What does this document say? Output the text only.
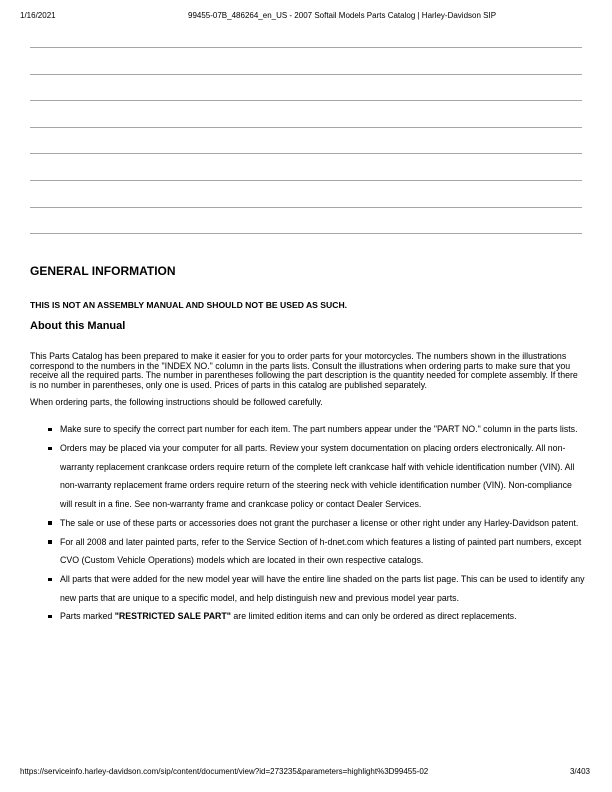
1/16/2021	99455-07B_486264_en_US - 2007 Softail Models Parts Catalog | Harley-Davidson SIP
GENERAL INFORMATION

THIS IS NOT AN ASSEMBLY MANUAL AND SHOULD NOT BE USED AS SUCH.

About this Manual

This Parts Catalog has been prepared to make it easier for you to order parts for your motorcycles. The numbers shown in the illustrations correspond to the numbers in the "INDEX NO." column in the parts lists. Consult the illustrations when ordering parts to make sure that you receive all the required parts. The number in parentheses following the part description is the quantity needed for complete assembly. If there is no number in parentheses, only one is used. Prices of parts in this catalog are published separately.

When ordering parts, the following instructions should be followed carefully.

Make sure to specify the correct part number for each item. The part numbers appear under the "PART NO." column in the parts lists.
Orders may be placed via your computer for all parts. Review your system documentation on placing orders electronically. All non-warranty replacement crankcase orders require return of the complete left crankcase half with vehicle identification number (VIN). All non-warranty replacement frame orders require return of the steering neck with vehicle identification number (VIN). Non-compliance will result in a fine. See non-warranty frame and crankcase policy or contact Dealer Services.
The sale or use of these parts or accessories does not grant the purchaser a license or other right under any Harley-Davidson patent.
For all 2008 and later painted parts, refer to the Service Section of h-dnet.com which features a listing of painted part numbers, except CVO (Custom Vehicle Operations) models which are located in their own respective catalogs.
All parts that were added for the new model year will have the entire line shaded on the parts list page. This can be used to identify any new parts that are unique to a specific model, and help distinguish new and previous model year parts.
Parts marked "RESTRICTED SALE PART" are limited edition items and can only be ordered as direct replacements.
https://serviceinfo.harley-davidson.com/sip/content/document/view?id=273235&parameters=highlight%3D99455-02	3/403
